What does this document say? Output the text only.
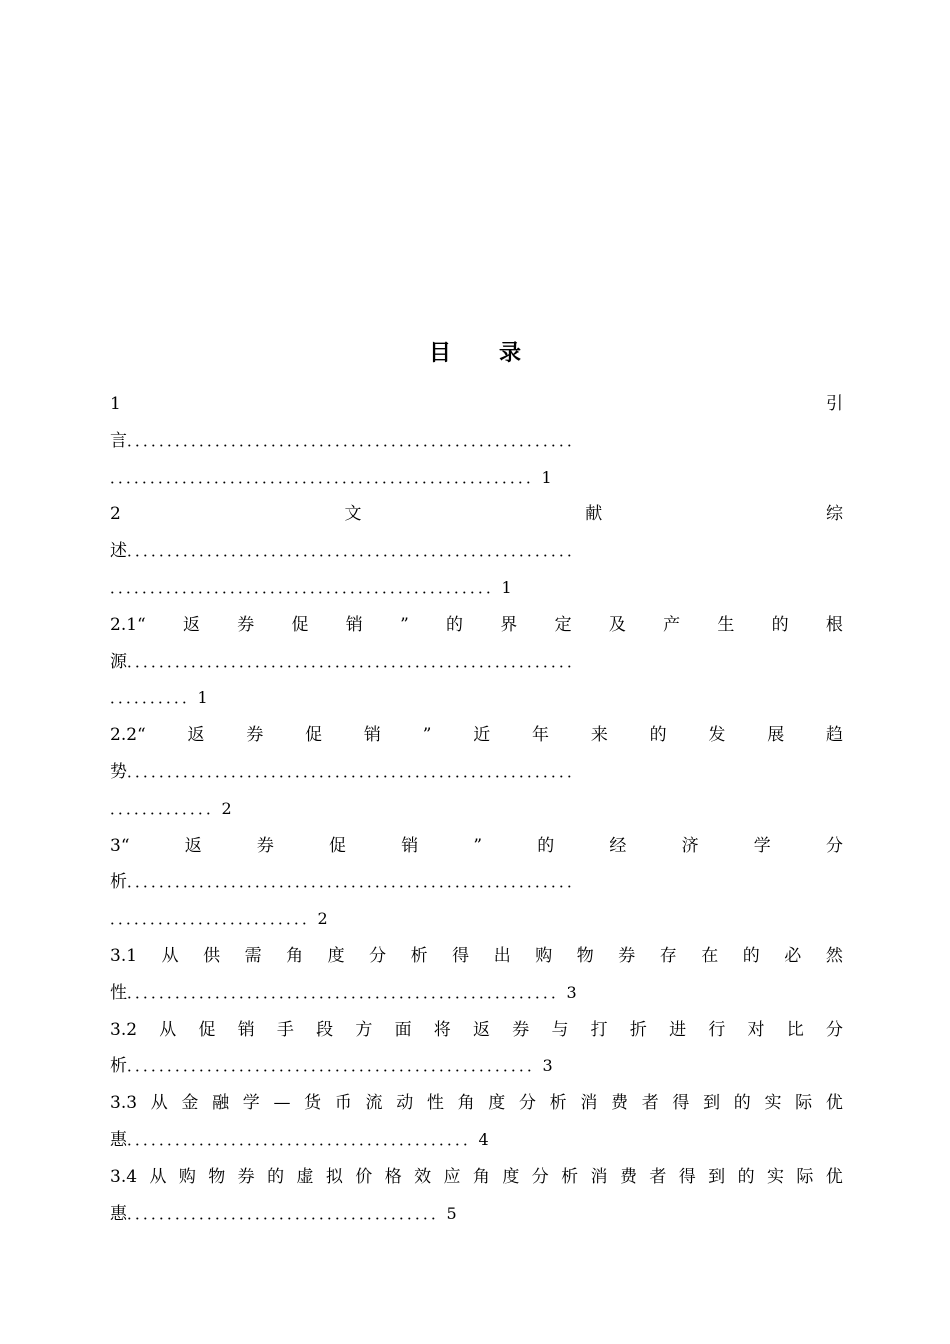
目 录
1	引
言．．．．．．．．．．．．．．．．．．．．．．．．．．．．．．．．．．．．．．．．．．．．．．．．．．．．．．．．
．．．．．．．．．．．．．．．．．．．．．．．．．．．．．．．．．．．．．．．．．．．．．．．．．．．．．1
2	文	献	综
述．．．．．．．．．．．．．．．．．．．．．．．．．．．．．．．．．．．．．．．．．．．．．．．．．．．．．．．．
．．．．．．．．．．．．．．．．．．．．．．．．．．．．．．．．．．．．．．．．．．．．．．．．1
2.1“ 返 券 促 销 ” 的 界 定 及 产 生 的 根
源．．．．．．．．．．．．．．．．．．．．．．．．．．．．．．．．．．．．．．．．．．．．．．．．．．．．．．．．
．．．．．．．．．．1
2.2“ 返 券 促 销 ” 近 年 来 的 发 展 趋
势．．．．．．．．．．．．．．．．．．．．．．．．．．．．．．．．．．．．．．．．．．．．．．．．．．．．．．．．
．．．．．．．．．．．．．2
3“	返	券	促	销	”	的	经	济	学	分
析．．．．．．．．．．．．．．．．．．．．．．．．．．．．．．．．．．．．．．．．．．．．．．．．．．．．．．．．
．．．．．．．．．．．．．．．．．．．．．．．．．2
3.1 从 供 需 角 度 分 析 得 出 购 物 券 存 在 的 必 然
性．．．．．．．．．．．．．．．．．．．．．．．．．．．．．．．．．．．．．．．．．．．．．．．．．．．．．．3
3.2 从 促 销 手 段 方 面 将 返 券 与 打 折 进 行 对 比 分
析．．．．．．．．．．．．．．．．．．．．．．．．．．．．．．．．．．．．．．．．．．．．．．．．．．．3
3.3 从 金 融 学 — 货 币 流 动 性 角 度 分 析 消 费 者 得 到 的 实 际 优
惠．．．．．．．．．．．．．．．．．．．．．．．．．．．．．．．．．．．．．．．．．．．4
3.4 从 购 物 券 的 虚 拟 价 格 效 应 角 度 分 析 消 费 者 得 到 的 实 际 优
惠．．．．．．．．．．．．．．．．．．．．．．．．．．．．．．．．．．．．．．．5
